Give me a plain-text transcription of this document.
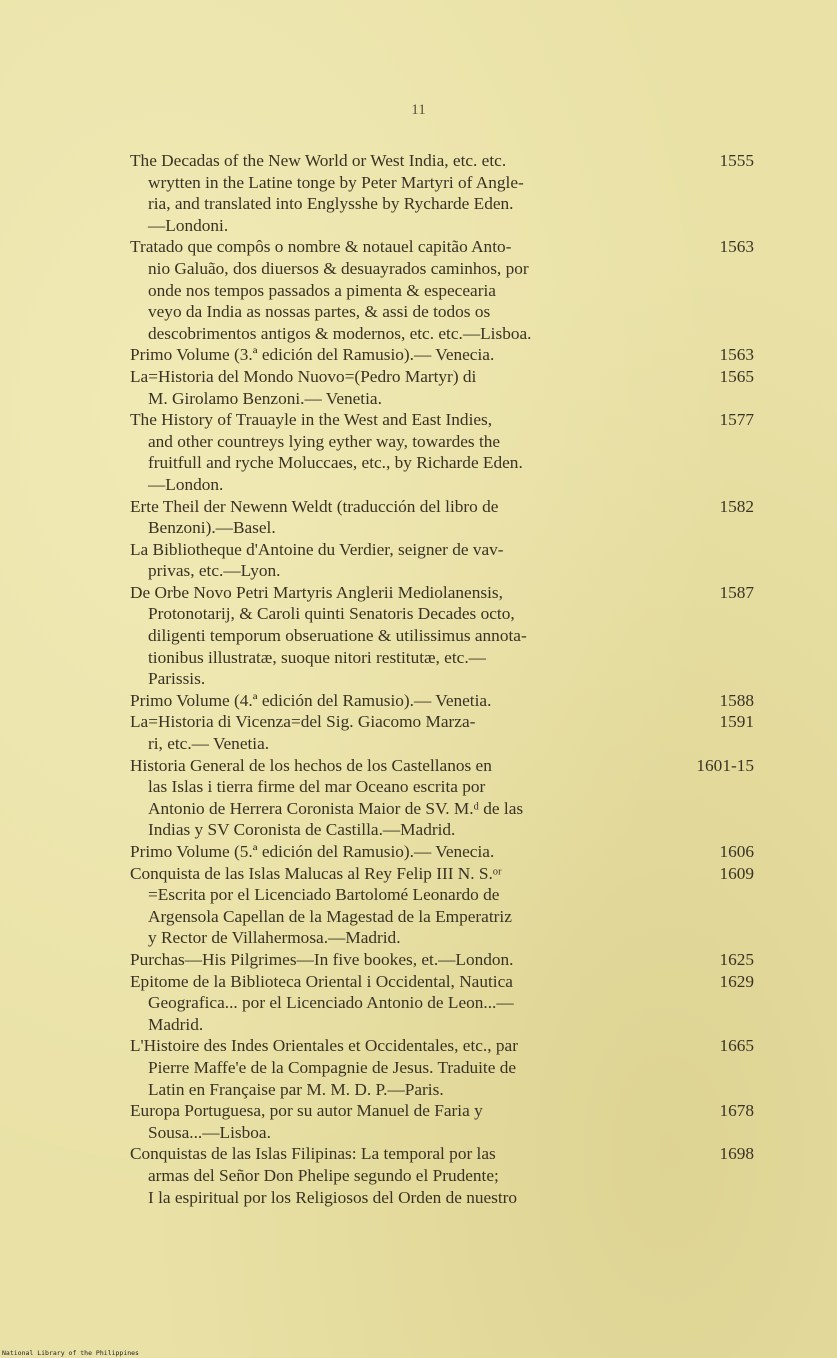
11
The Decadas of the New World or West India, etc. etc.	1555
wrytten in the Latine tonge by Peter Martyri of Angle-
ria, and translated into Englysshe by Rycharde Eden.
—Londoni.
Tratado que compôs o nombre & notauel capitão Anto-	1563
nio Galuão, dos diuersos & desuayrados caminhos, por
onde nos tempos passados a pimenta & especearia
veyo da India as nossas partes, & assi de todos os
descobrimentos antigos & modernos, etc. etc.—Lisboa.
Primo Volume (3.ª edición del Ramusio).— Venecia.	1563
La=Historia del Mondo Nuovo=(Pedro Martyr) di	1565
M. Girolamo Benzoni.— Venetia.
The History of Trauayle in the West and East Indies,	1577
and other countreys lying eyther way, towardes the
fruitfull and ryche Moluccaes, etc., by Richarde Eden.
—London.
Erte Theil der Newenn Weldt (traducción del libro de	1582
Benzoni).—Basel.
La Bibliotheque d'Antoine du Verdier, seigner de vav-
privas, etc.—Lyon.
De Orbe Novo Petri Martyris Anglerii Mediolanensis,	1587
Protonotarij, & Caroli quinti Senatoris Decades octo,
diligenti temporum obseruatione & utilissimus annota-
tionibus illustratæ, suoque nitori restitutæ, etc.—
Parissis.
Primo Volume (4.ª edición del Ramusio).— Venetia.	1588
La=Historia di Vicenza=del Sig. Giacomo Marza-	1591
ri, etc.— Venetia.
Historia General de los hechos de los Castellanos en	1601-15
las Islas i tierra firme del mar Oceano escrita por
Antonio de Herrera Coronista Maior de SV. M.ᵈ de las
Indias y SV Coronista de Castilla.—Madrid.
Primo Volume (5.ª edición del Ramusio).— Venecia.	1606
Conquista de las Islas Malucas al Rey Felip III N. S.ᵒʳ	1609
=Escrita por el Licenciado Bartolomé Leonardo de
Argensola Capellan de la Magestad de la Emperatriz
y Rector de Villahermosa.—Madrid.
Purchas—His Pilgrimes—In five bookes, et.—London.	1625
Epitome de la Biblioteca Oriental i Occidental, Nautica	1629
Geografica... por el Licenciado Antonio de Leon...—
Madrid.
L'Histoire des Indes Orientales et Occidentales, etc., par	1665
Pierre Maffe'e de la Compagnie de Jesus. Traduite de
Latin en Française par M. M. D. P.—Paris.
Europa Portuguesa, por su autor Manuel de Faria y	1678
Sousa...—Lisboa.
Conquistas de las Islas Filipinas: La temporal por las	1698
armas del Señor Don Phelipe segundo el Prudente;
I la espiritual por los Religiosos del Orden de nuestro
National Library of the Philippines
